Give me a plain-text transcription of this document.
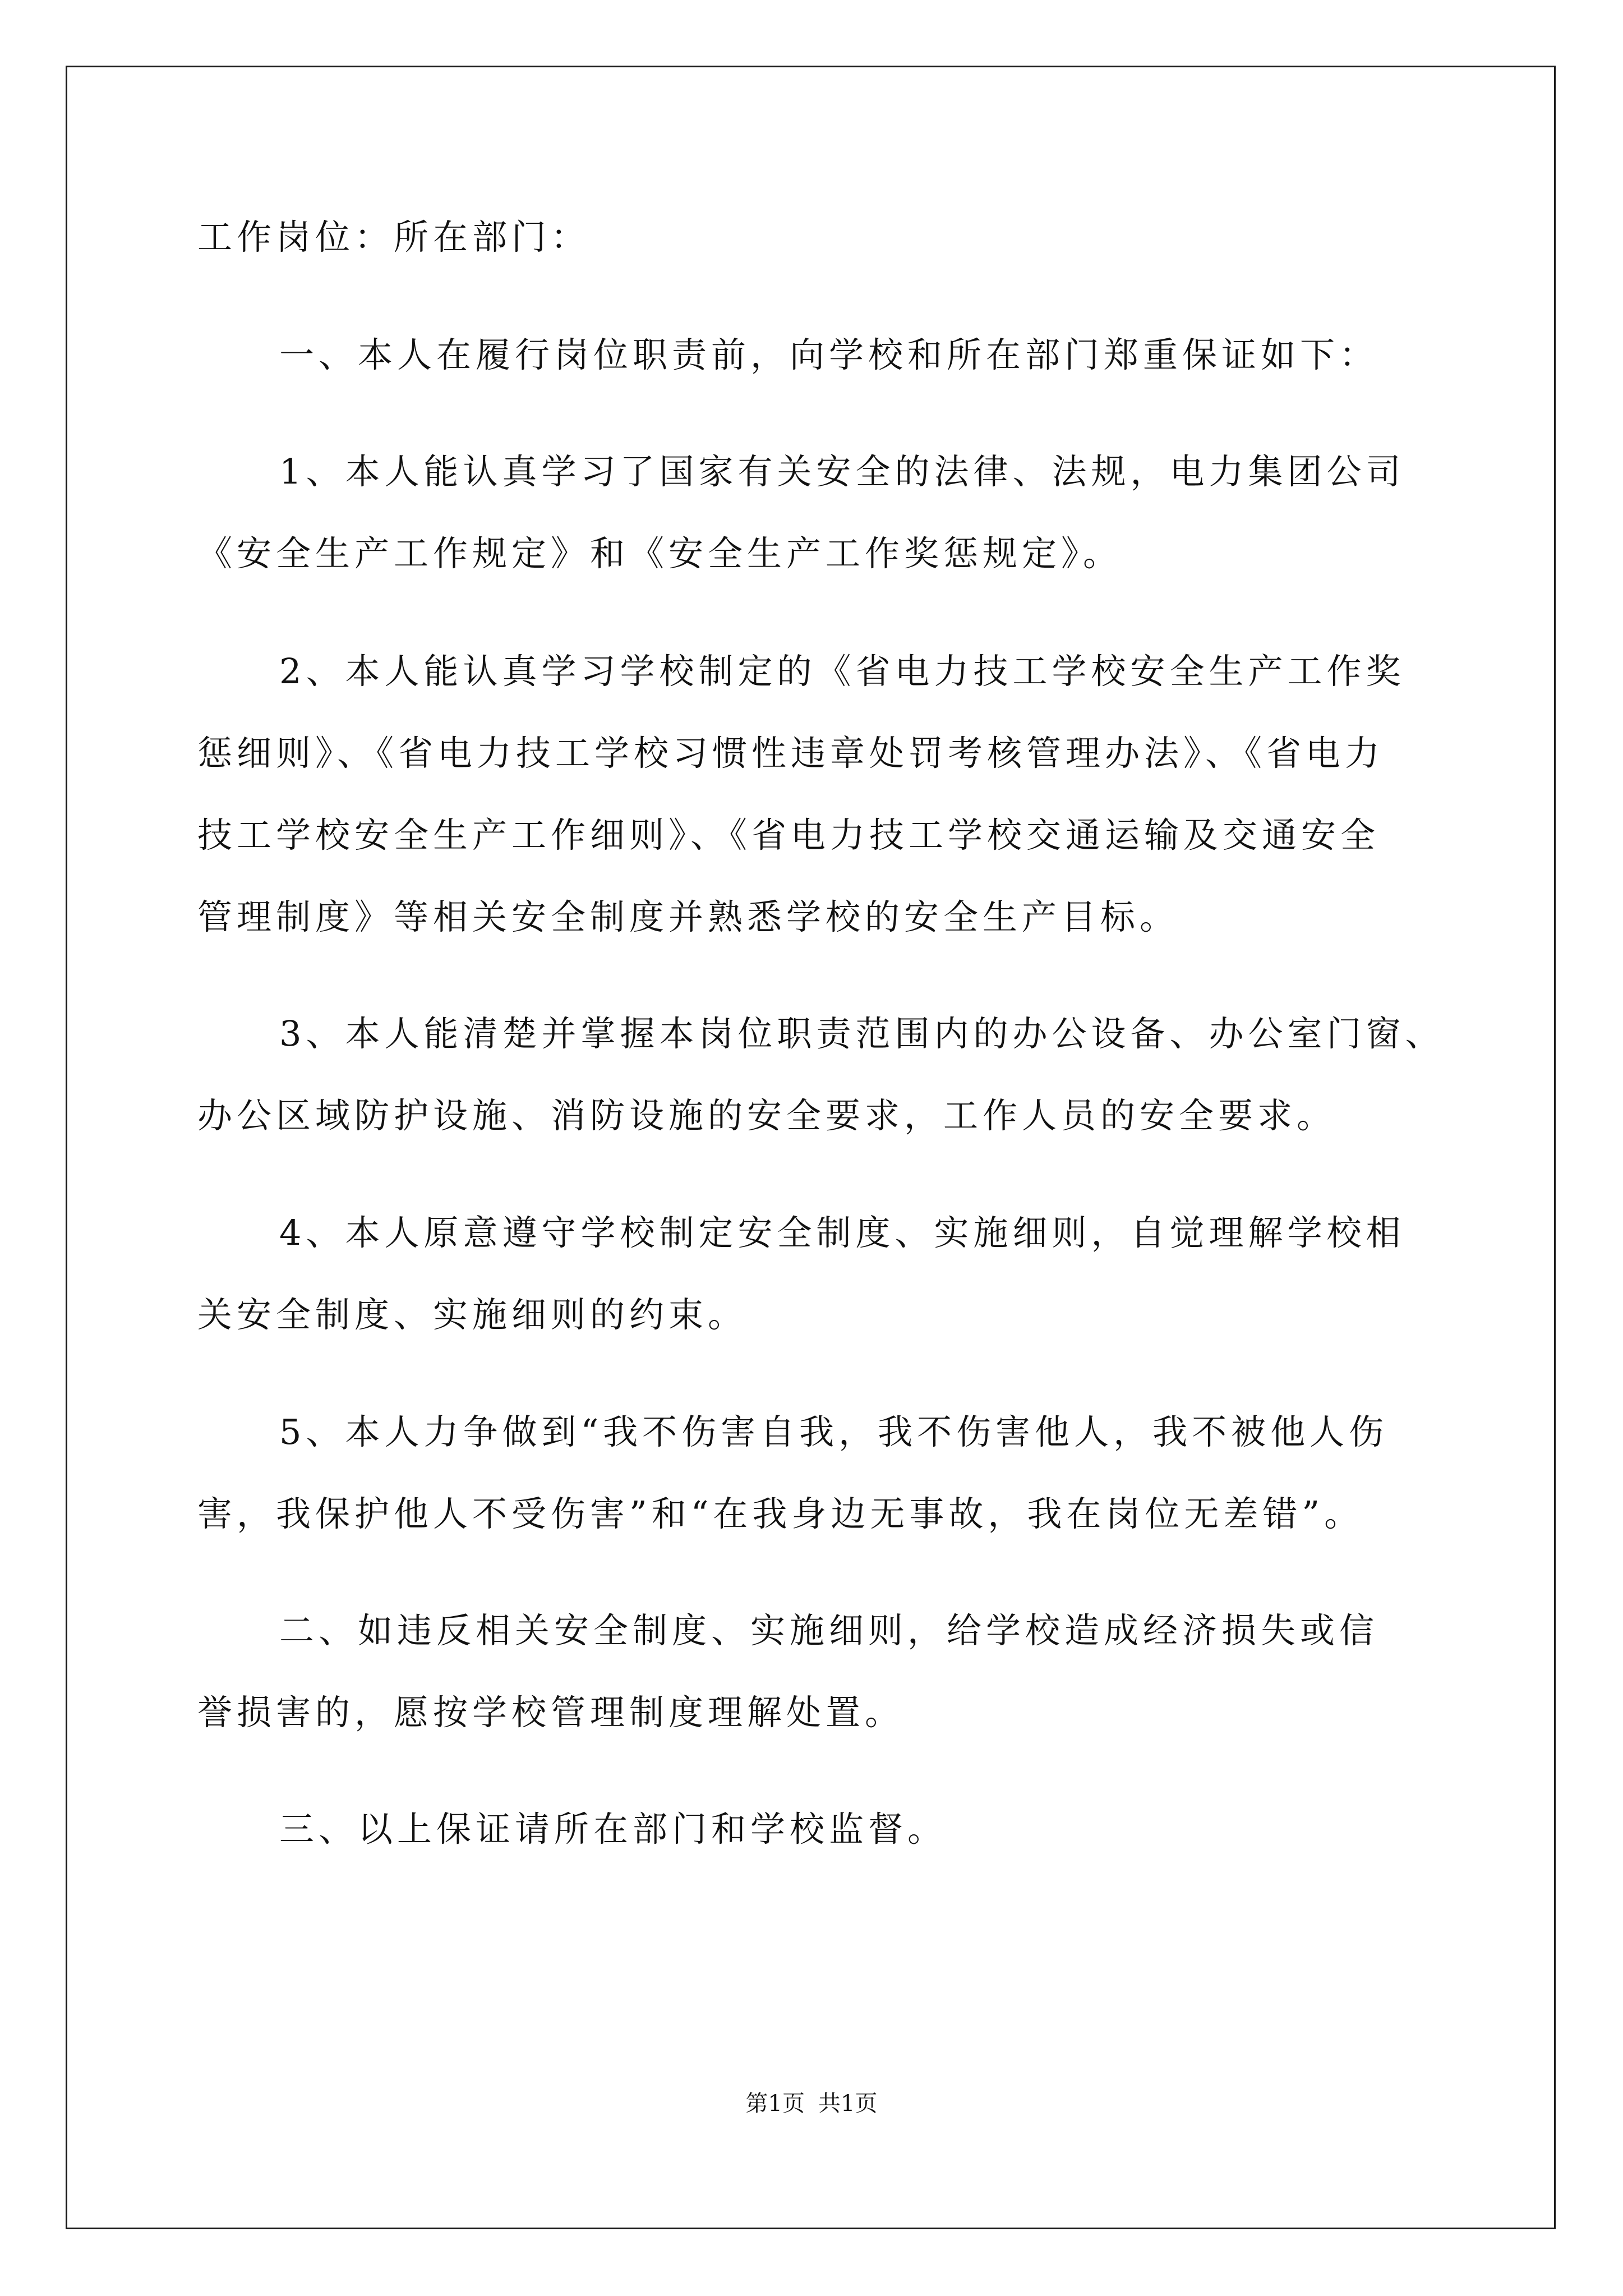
工作岗位：所在部门：
一、本人在履行岗位职责前，向学校和所在部门郑重保证如下：
1、本人能认真学习了国家有关安全的法律、法规，电力集团公司
《安全生产工作规定》和《安全生产工作奖惩规定》。
2、本人能认真学习学校制定的《省电力技工学校安全生产工作奖
惩细则》、《省电力技工学校习惯性违章处罚考核管理办法》、《省电力
技工学校安全生产工作细则》、《省电力技工学校交通运输及交通安全
管理制度》等相关安全制度并熟悉学校的安全生产目标。
3、本人能清楚并掌握本岗位职责范围内的办公设备、办公室门窗、
办公区域防护设施、消防设施的安全要求，工作人员的安全要求。
4、本人原意遵守学校制定安全制度、实施细则，自觉理解学校相
关安全制度、实施细则的约束。
5、本人力争做到“我不伤害自我，我不伤害他人，我不被他人伤
害，我保护他人不受伤害”和“在我身边无事故，我在岗位无差错”。
二、如违反相关安全制度、实施细则，给学校造成经济损失或信
誉损害的，愿按学校管理制度理解处置。
三、以上保证请所在部门和学校监督。
第1页 共1页
